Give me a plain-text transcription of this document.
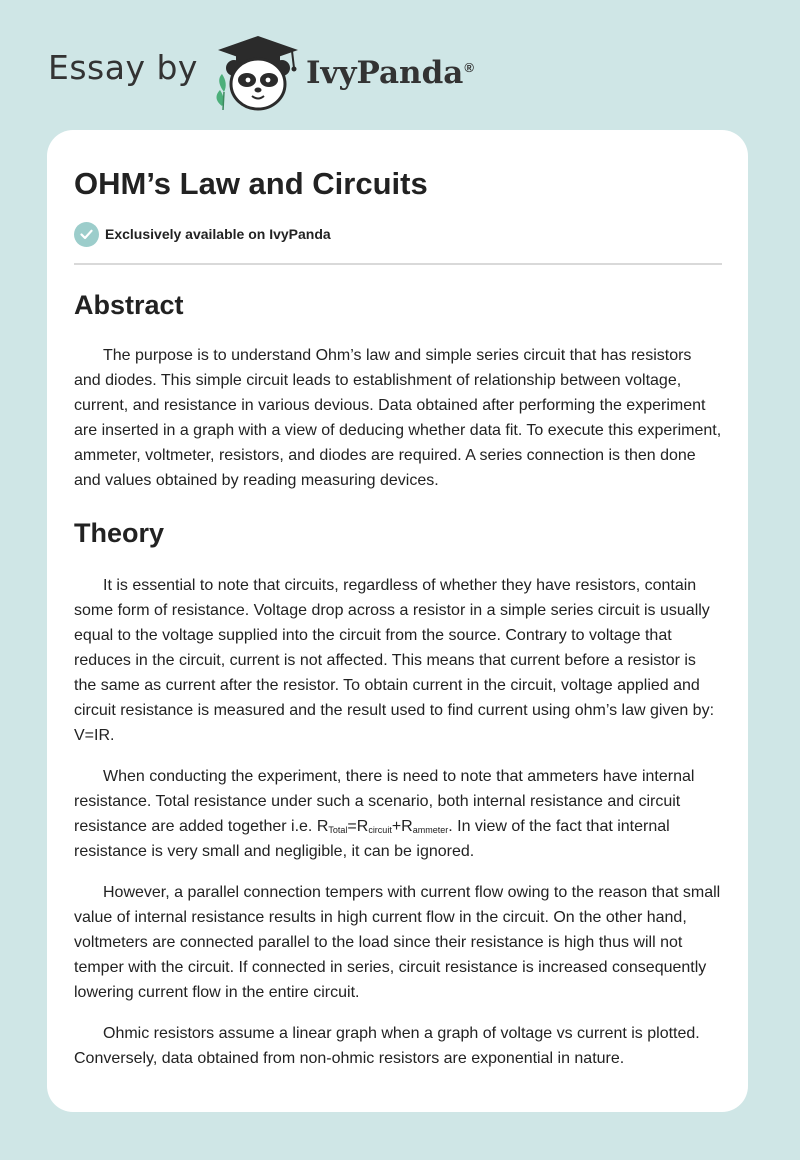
Essay by	IvyPanda®
OHM’s Law and Circuits
Exclusively available on IvyPanda
Abstract

The purpose is to understand Ohm’s law and simple series circuit that has resistors and diodes. This simple circuit leads to establishment of relationship between voltage, current, and resistance in various devious. Data obtained after performing the experiment are inserted in a graph with a view of deducing whether data fit. To execute this experiment, ammeter, voltmeter, resistors, and diodes are required. A series connection is then done and values obtained by reading measuring devices.

Theory

It is essential to note that circuits, regardless of whether they have resistors, contain some form of resistance. Voltage drop across a resistor in a simple series circuit is usually equal to the voltage supplied into the circuit from the source. Contrary to voltage that reduces in the circuit, current is not affected. This means that current before a resistor is the same as current after the resistor. To obtain current in the circuit, voltage applied and circuit resistance is measured and the result used to find current using ohm’s law given by: V=IR.

When conducting the experiment, there is need to note that ammeters have internal resistance. Total resistance under such a scenario, both internal resistance and circuit resistance are added together i.e. $R_{Total}=R_{circuit}+R_{ammeter}$. In view of the fact that internal resistance is very small and negligible, it can be ignored.

However, a parallel connection tempers with current flow owing to the reason that small value of internal resistance results in high current flow in the circuit. On the other hand, voltmeters are connected parallel to the load since their resistance is high thus will not temper with the circuit. If connected in series, circuit resistance is increased consequently lowering current flow in the entire circuit.

Ohmic resistors assume a linear graph when a graph of voltage vs current is plotted. Conversely, data obtained from non-ohmic resistors are exponential in nature.
